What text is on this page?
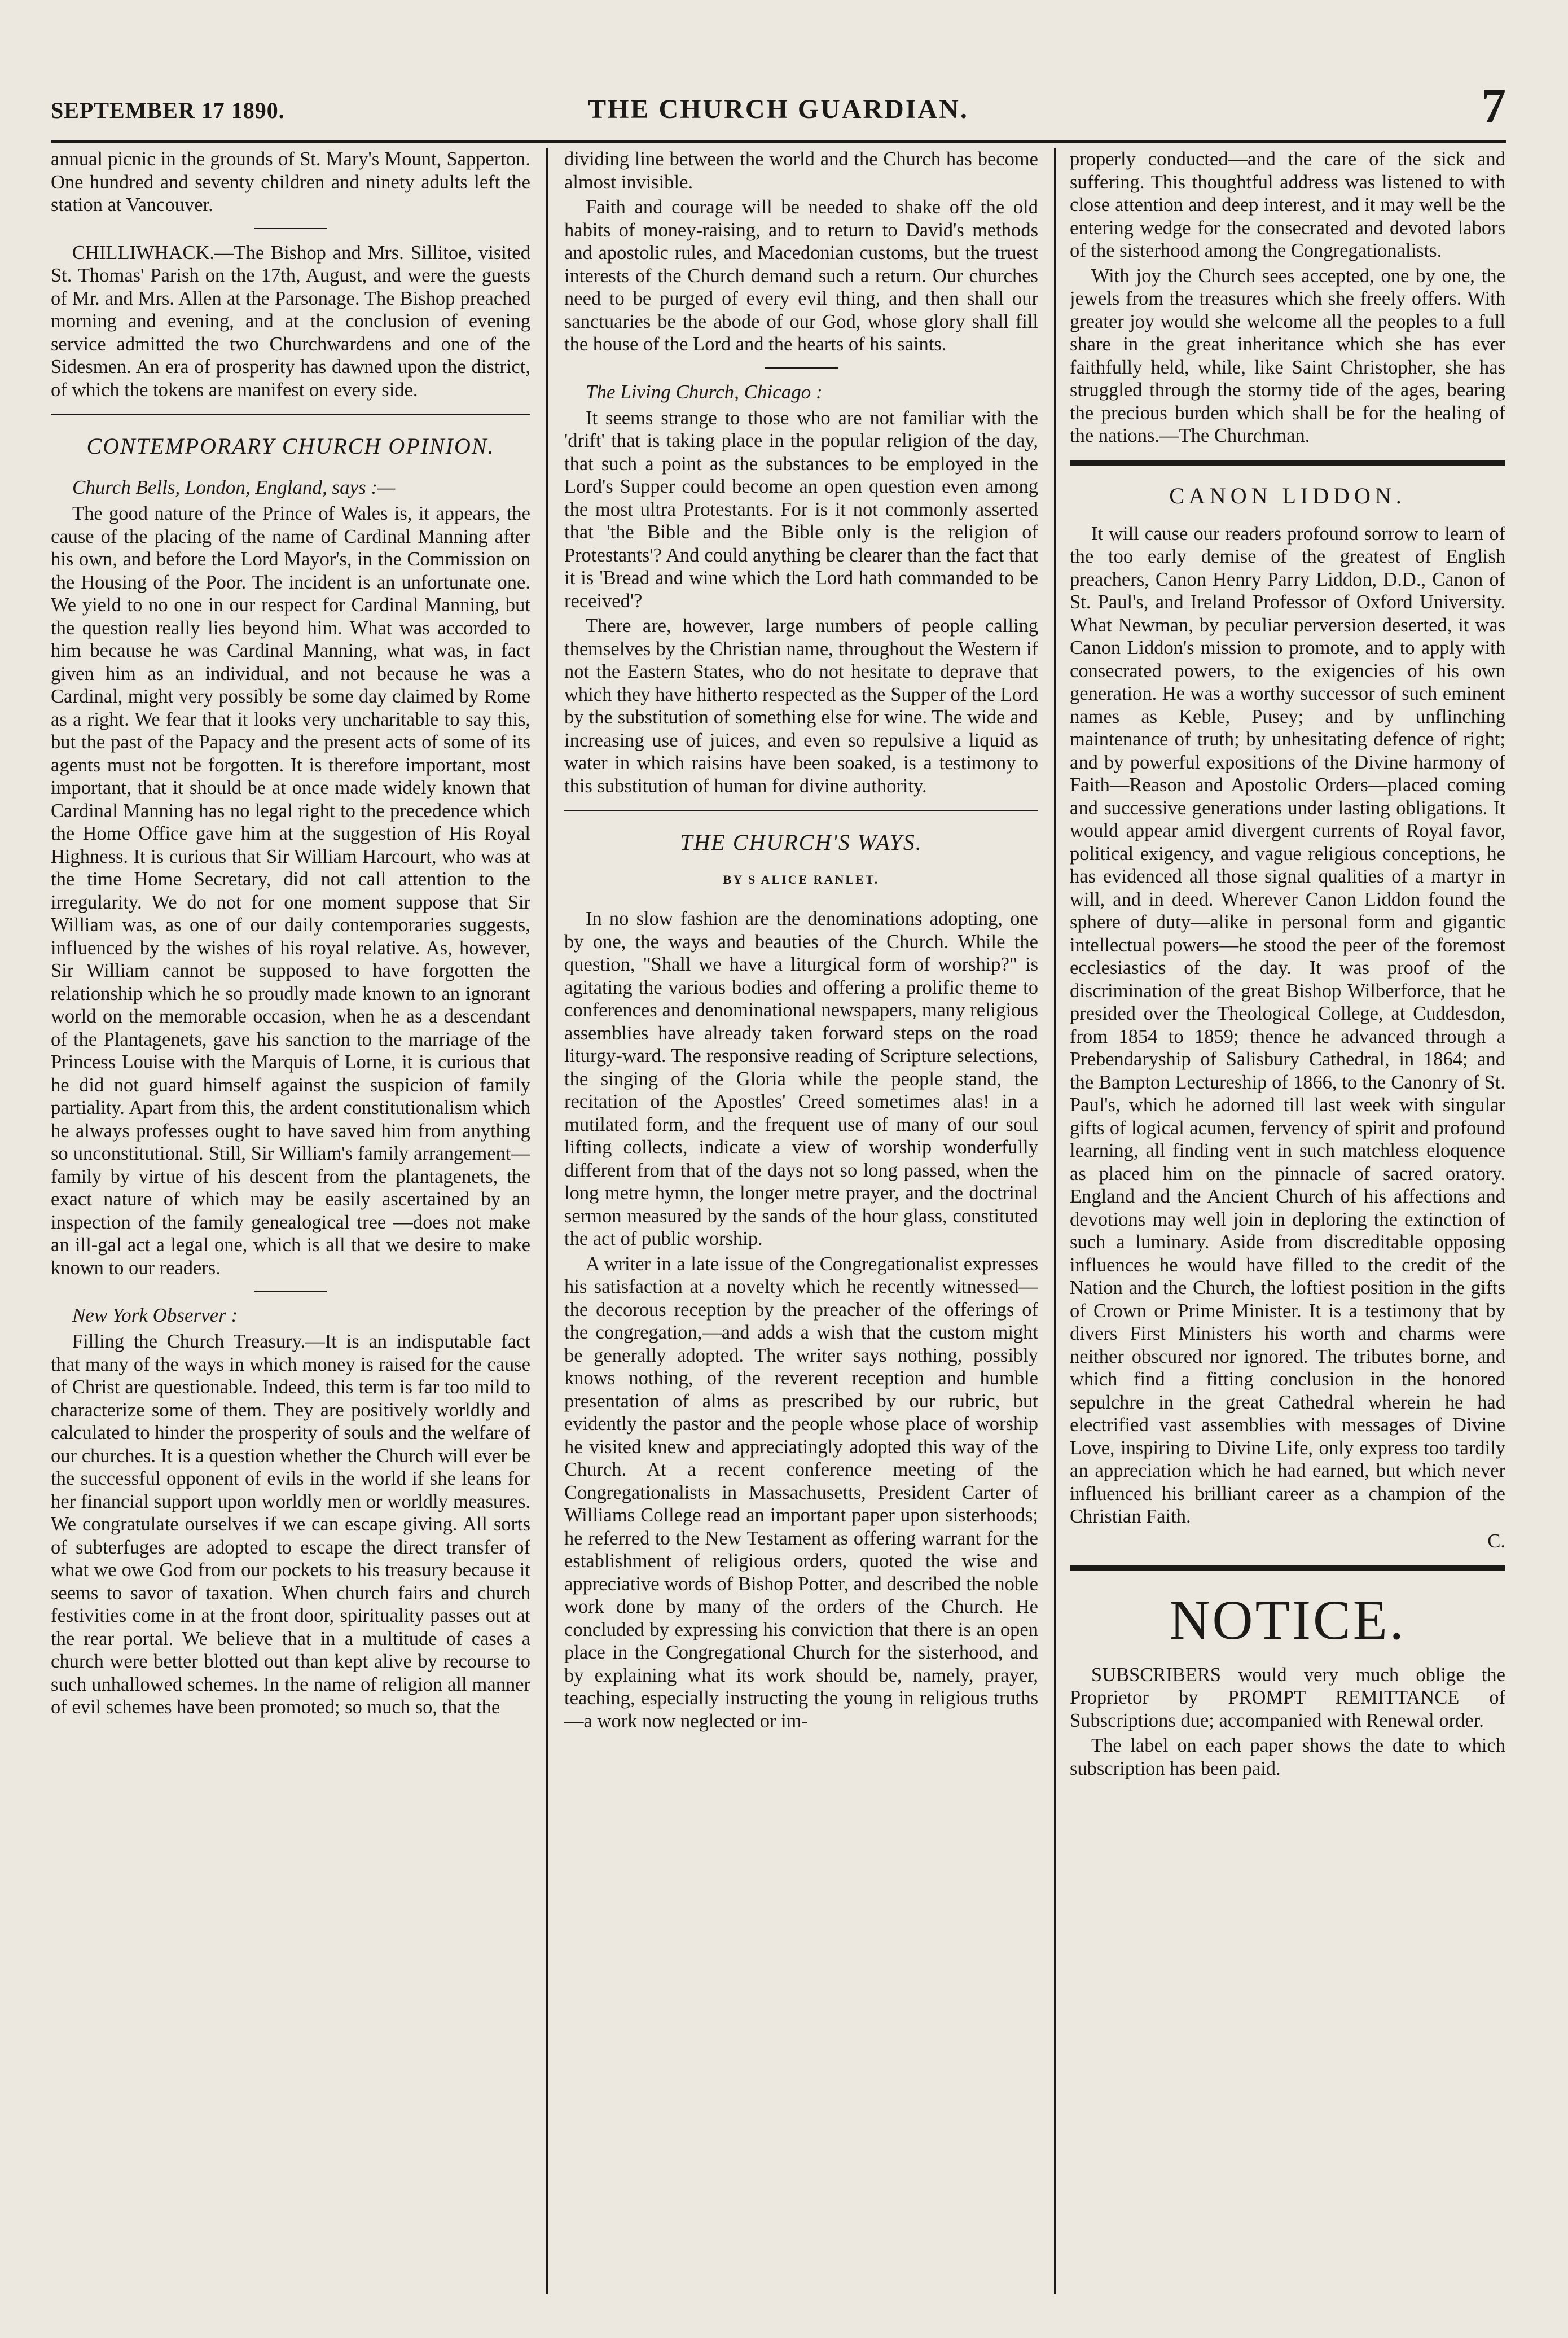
SEPTEMBER 17 1890.	THE CHURCH GUARDIAN.	7

annual picnic in the grounds of St. Mary's Mount, Sapperton. One hundred and seventy children and ninety adults left the station at Vancouver.

CHILLIWHACK.—The Bishop and Mrs. Sillitoe, visited St. Thomas' Parish on the 17th, August, and were the guests of Mr. and Mrs. Allen at the Parsonage. The Bishop preached morning and evening, and at the conclusion of evening service admitted the two Churchwardens and one of the Sidesmen. An era of prosperity has dawned upon the district, of which the tokens are manifest on every side.

CONTEMPORARY CHURCH OPINION.
Church Bells, London, England, says :—

The good nature of the Prince of Wales is, it appears, the cause of the placing of the name of Cardinal Manning after his own, and before the Lord Mayor's, in the Commission on the Housing of the Poor. The incident is an unfortunate one. We yield to no one in our respect for Cardinal Manning, but the question really lies beyond him. What was accorded to him because he was Cardinal Manning, what was, in fact given him as an individual, and not because he was a Cardinal, might very possibly be some day claimed by Rome as a right. We fear that it looks very uncharitable to say this, but the past of the Papacy and the present acts of some of its agents must not be forgotten. It is therefore important, most important, that it should be at once made widely known that Cardinal Manning has no legal right to the precedence which the Home Office gave him at the suggestion of His Royal Highness. It is curious that Sir William Harcourt, who was at the time Home Secretary, did not call attention to the irregularity. We do not for one moment suppose that Sir William was, as one of our daily contemporaries suggests, influenced by the wishes of his royal relative. As, however, Sir William cannot be supposed to have forgotten the relationship which he so proudly made known to an ignorant world on the memorable occasion, when he as a descendant of the Plantagenets, gave his sanction to the marriage of the Princess Louise with the Marquis of Lorne, it is curious that he did not guard himself against the suspicion of family partiality. Apart from this, the ardent constitutionalism which he always professes ought to have saved him from anything so unconstitutional. Still, Sir William's family arrangement—family by virtue of his descent from the plantagenets, the exact nature of which may be easily ascertained by an inspection of the family genealogical tree —does not make an ill-gal act a legal one, which is all that we desire to make known to our readers.

New York Observer :

Filling the Church Treasury.—It is an indisputable fact that many of the ways in which money is raised for the cause of Christ are questionable. Indeed, this term is far too mild to characterize some of them. They are positively worldly and calculated to hinder the prosperity of souls and the welfare of our churches. It is a question whether the Church will ever be the successful opponent of evils in the world if she leans for her financial support upon worldly men or worldly measures. We congratulate ourselves if we can escape giving. All sorts of subterfuges are adopted to escape the direct transfer of what we owe God from our pockets to his treasury because it seems to savor of taxation. When church fairs and church festivities come in at the front door, spirituality passes out at the rear portal. We believe that in a multitude of cases a church were better blotted out than kept alive by recourse to such unhallowed schemes. In the name of religion all manner of evil schemes have been promoted; so much so, that the

dividing line between the world and the Church has become almost invisible.

Faith and courage will be needed to shake off the old habits of money-raising, and to return to David's methods and apostolic rules, and Macedonian customs, but the truest interests of the Church demand such a return. Our churches need to be purged of every evil thing, and then shall our sanctuaries be the abode of our God, whose glory shall fill the house of the Lord and the hearts of his saints.

The Living Church, Chicago :

It seems strange to those who are not familiar with the 'drift' that is taking place in the popular religion of the day, that such a point as the substances to be employed in the Lord's Supper could become an open question even among the most ultra Protestants. For is it not commonly asserted that 'the Bible and the Bible only is the religion of Protestants'? And could anything be clearer than the fact that it is 'Bread and wine which the Lord hath commanded to be received'?

There are, however, large numbers of people calling themselves by the Christian name, throughout the Western if not the Eastern States, who do not hesitate to deprave that which they have hitherto respected as the Supper of the Lord by the substitution of something else for wine. The wide and increasing use of juices, and even so repulsive a liquid as water in which raisins have been soaked, is a testimony to this substitution of human for divine authority.

THE CHURCH'S WAYS.
BY S ALICE RANLET.

In no slow fashion are the denominations adopting, one by one, the ways and beauties of the Church. While the question, "Shall we have a liturgical form of worship?" is agitating the various bodies and offering a prolific theme to conferences and denominational newspapers, many religious assemblies have already taken forward steps on the road liturgy-ward. The responsive reading of Scripture selections, the singing of the Gloria while the people stand, the recitation of the Apostles' Creed sometimes alas! in a mutilated form, and the frequent use of many of our soul lifting collects, indicate a view of worship wonderfully different from that of the days not so long passed, when the long metre hymn, the longer metre prayer, and the doctrinal sermon measured by the sands of the hour glass, constituted the act of public worship.

A writer in a late issue of the Congregationalist expresses his satisfaction at a novelty which he recently witnessed—the decorous reception by the preacher of the offerings of the congregation,—and adds a wish that the custom might be generally adopted. The writer says nothing, possibly knows nothing, of the reverent reception and humble presentation of alms as prescribed by our rubric, but evidently the pastor and the people whose place of worship he visited knew and appreciatingly adopted this way of the Church. At a recent conference meeting of the Congregationalists in Massachusetts, President Carter of Williams College read an important paper upon sisterhoods; he referred to the New Testament as offering warrant for the establishment of religious orders, quoted the wise and appreciative words of Bishop Potter, and described the noble work done by many of the orders of the Church. He concluded by expressing his conviction that there is an open place in the Congregational Church for the sisterhood, and by explaining what its work should be, namely, prayer, teaching, especially instructing the young in religious truths—a work now neglected or im-

properly conducted—and the care of the sick and suffering. This thoughtful address was listened to with close attention and deep interest, and it may well be the entering wedge for the consecrated and devoted labors of the sisterhood among the Congregationalists.

With joy the Church sees accepted, one by one, the jewels from the treasures which she freely offers. With greater joy would she welcome all the peoples to a full share in the great inheritance which she has ever faithfully held, while, like Saint Christopher, she has struggled through the stormy tide of the ages, bearing the precious burden which shall be for the healing of the nations.—The Churchman.

CANON LIDDON.

It will cause our readers profound sorrow to learn of the too early demise of the greatest of English preachers, Canon Henry Parry Liddon, D.D., Canon of St. Paul's, and Ireland Professor of Oxford University. What Newman, by peculiar perversion deserted, it was Canon Liddon's mission to promote, and to apply with consecrated powers, to the exigencies of his own generation. He was a worthy successor of such eminent names as Keble, Pusey; and by unflinching maintenance of truth; by unhesitating defence of right; and by powerful expositions of the Divine harmony of Faith—Reason and Apostolic Orders—placed coming and successive generations under lasting obligations. It would appear amid divergent currents of Royal favor, political exigency, and vague religious conceptions, he has evidenced all those signal qualities of a martyr in will, and in deed. Wherever Canon Liddon found the sphere of duty—alike in personal form and gigantic intellectual powers—he stood the peer of the foremost ecclesiastics of the day. It was proof of the discrimination of the great Bishop Wilberforce, that he presided over the Theological College, at Cuddesdon, from 1854 to 1859; thence he advanced through a Prebendaryship of Salisbury Cathedral, in 1864; and the Bampton Lectureship of 1866, to the Canonry of St. Paul's, which he adorned till last week with singular gifts of logical acumen, fervency of spirit and profound learning, all finding vent in such matchless eloquence as placed him on the pinnacle of sacred oratory. England and the Ancient Church of his affections and devotions may well join in deploring the extinction of such a luminary. Aside from discreditable opposing influences he would have filled to the credit of the Nation and the Church, the loftiest position in the gifts of Crown or Prime Minister. It is a testimony that by divers First Ministers his worth and charms were neither obscured nor ignored. The tributes borne, and which find a fitting conclusion in the honored sepulchre in the great Cathedral wherein he had electrified vast assemblies with messages of Divine Love, inspiring to Divine Life, only express too tardily an appreciation which he had earned, but which never influenced his brilliant career as a champion of the Christian Faith.

C.
NOTICE.

SUBSCRIBERS would very much oblige the Proprietor by PROMPT REMITTANCE of Subscriptions due; accompanied with Renewal order.

The label on each paper shows the date to which subscription has been paid.
